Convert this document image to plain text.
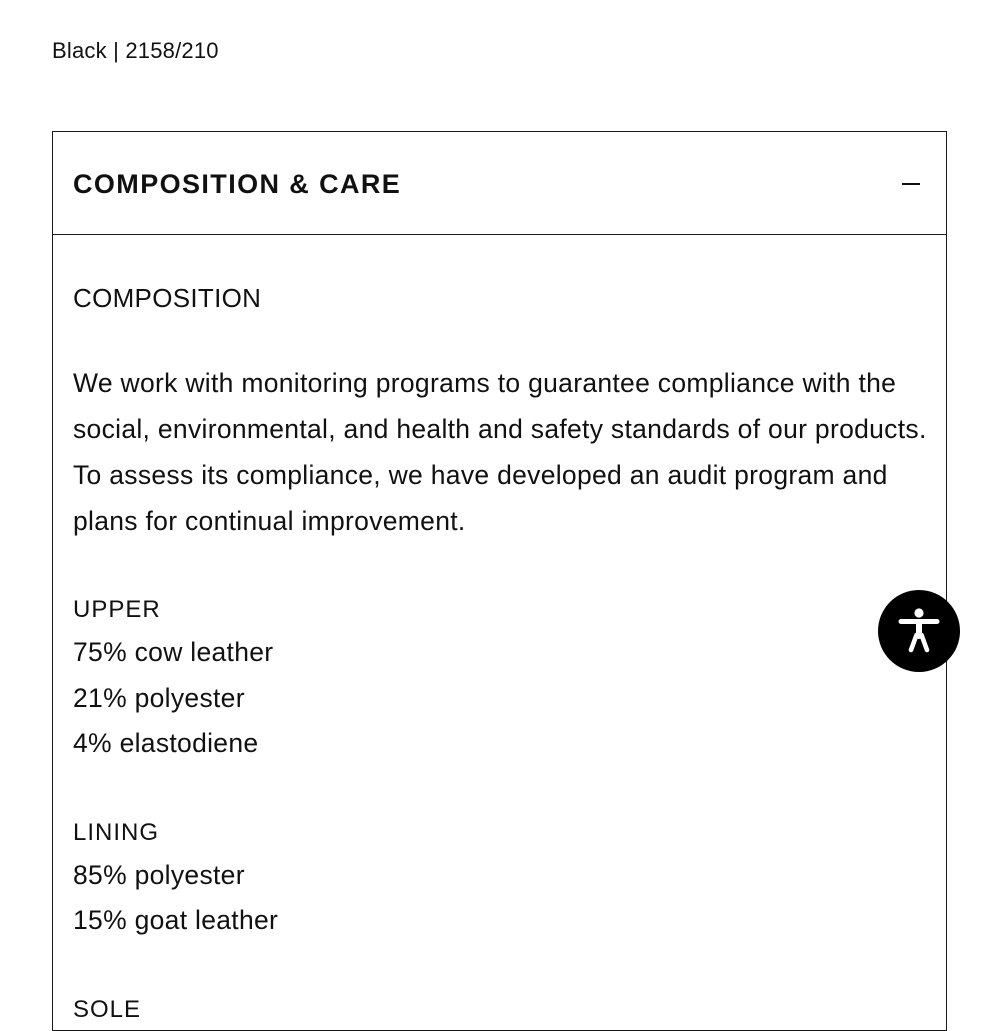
Black | 2158/210
COMPOSITION & CARE
COMPOSITION
We work with monitoring programs to guarantee compliance with the social, environmental, and health and safety standards of our products. To assess its compliance, we have developed an audit program and plans for continual improvement.
UPPER
75% cow leather
21% polyester
4% elastodiene
LINING
85% polyester
15% goat leather
SOLE
